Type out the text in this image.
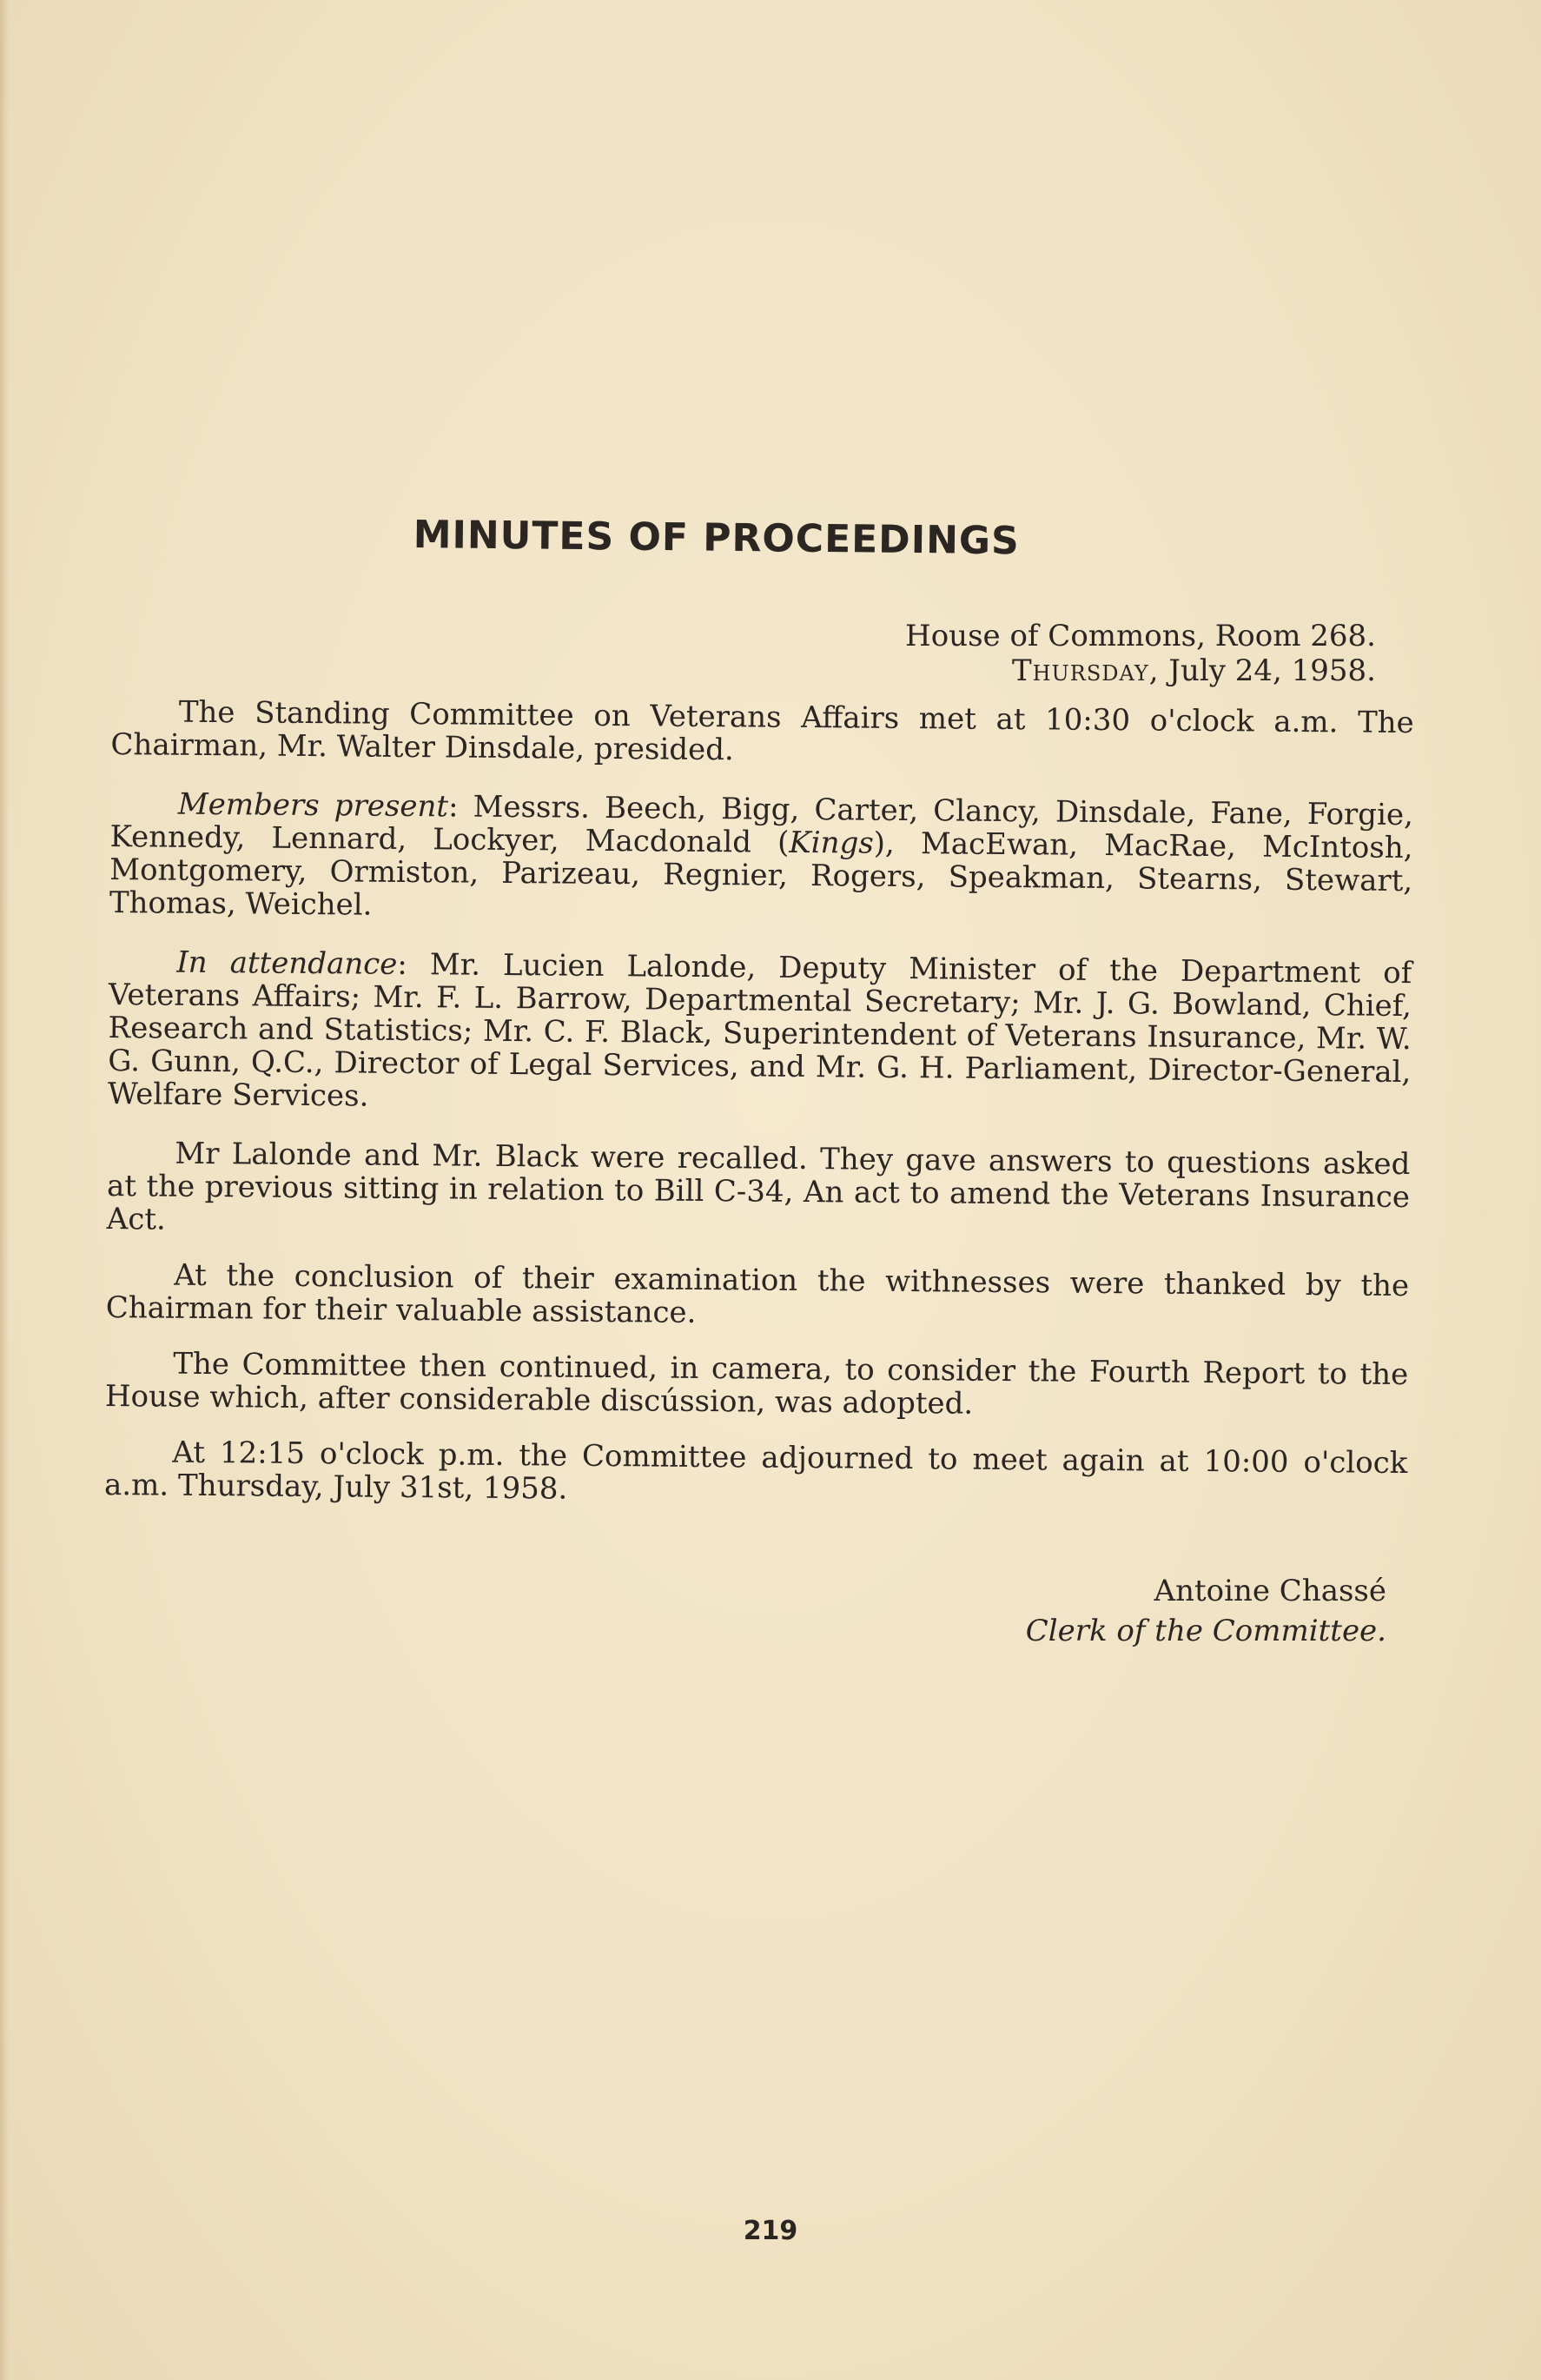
MINUTES OF PROCEEDINGS
House of Commons, Room 268.
Thursday, July 24, 1958.

The Standing Committee on Veterans Affairs met at 10:30 o'clock a.m. The Chairman, Mr. Walter Dinsdale, presided.

Members present: Messrs. Beech, Bigg, Carter, Clancy, Dinsdale, Fane, Forgie, Kennedy, Lennard, Lockyer, Macdonald (Kings), MacEwan, MacRae, McIntosh, Montgomery, Ormiston, Parizeau, Regnier, Rogers, Speakman, Stearns, Stewart, Thomas, Weichel.

In attendance: Mr. Lucien Lalonde, Deputy Minister of the Department of Veterans Affairs; Mr. F. L. Barrow, Departmental Secretary; Mr. J. G. Bowland, Chief, Research and Statistics; Mr. C. F. Black, Superintendent of Veterans Insurance, Mr. W. G. Gunn, Q.C., Director of Legal Services, and Mr. G. H. Parliament, Director-General, Welfare Services.

Mr Lalonde and Mr. Black were recalled. They gave answers to questions asked at the previous sitting in relation to Bill C-34, An act to amend the Veterans Insurance Act.

At the conclusion of their examination the withnesses were thanked by the Chairman for their valuable assistance.

The Committee then continued, in camera, to consider the Fourth Report to the House which, after considerable discússion, was adopted.

At 12:15 o'clock p.m. the Committee adjourned to meet again at 10:00 o'clock a.m. Thursday, July 31st, 1958.

Antoine Chassé
Clerk of the Committee.
219
